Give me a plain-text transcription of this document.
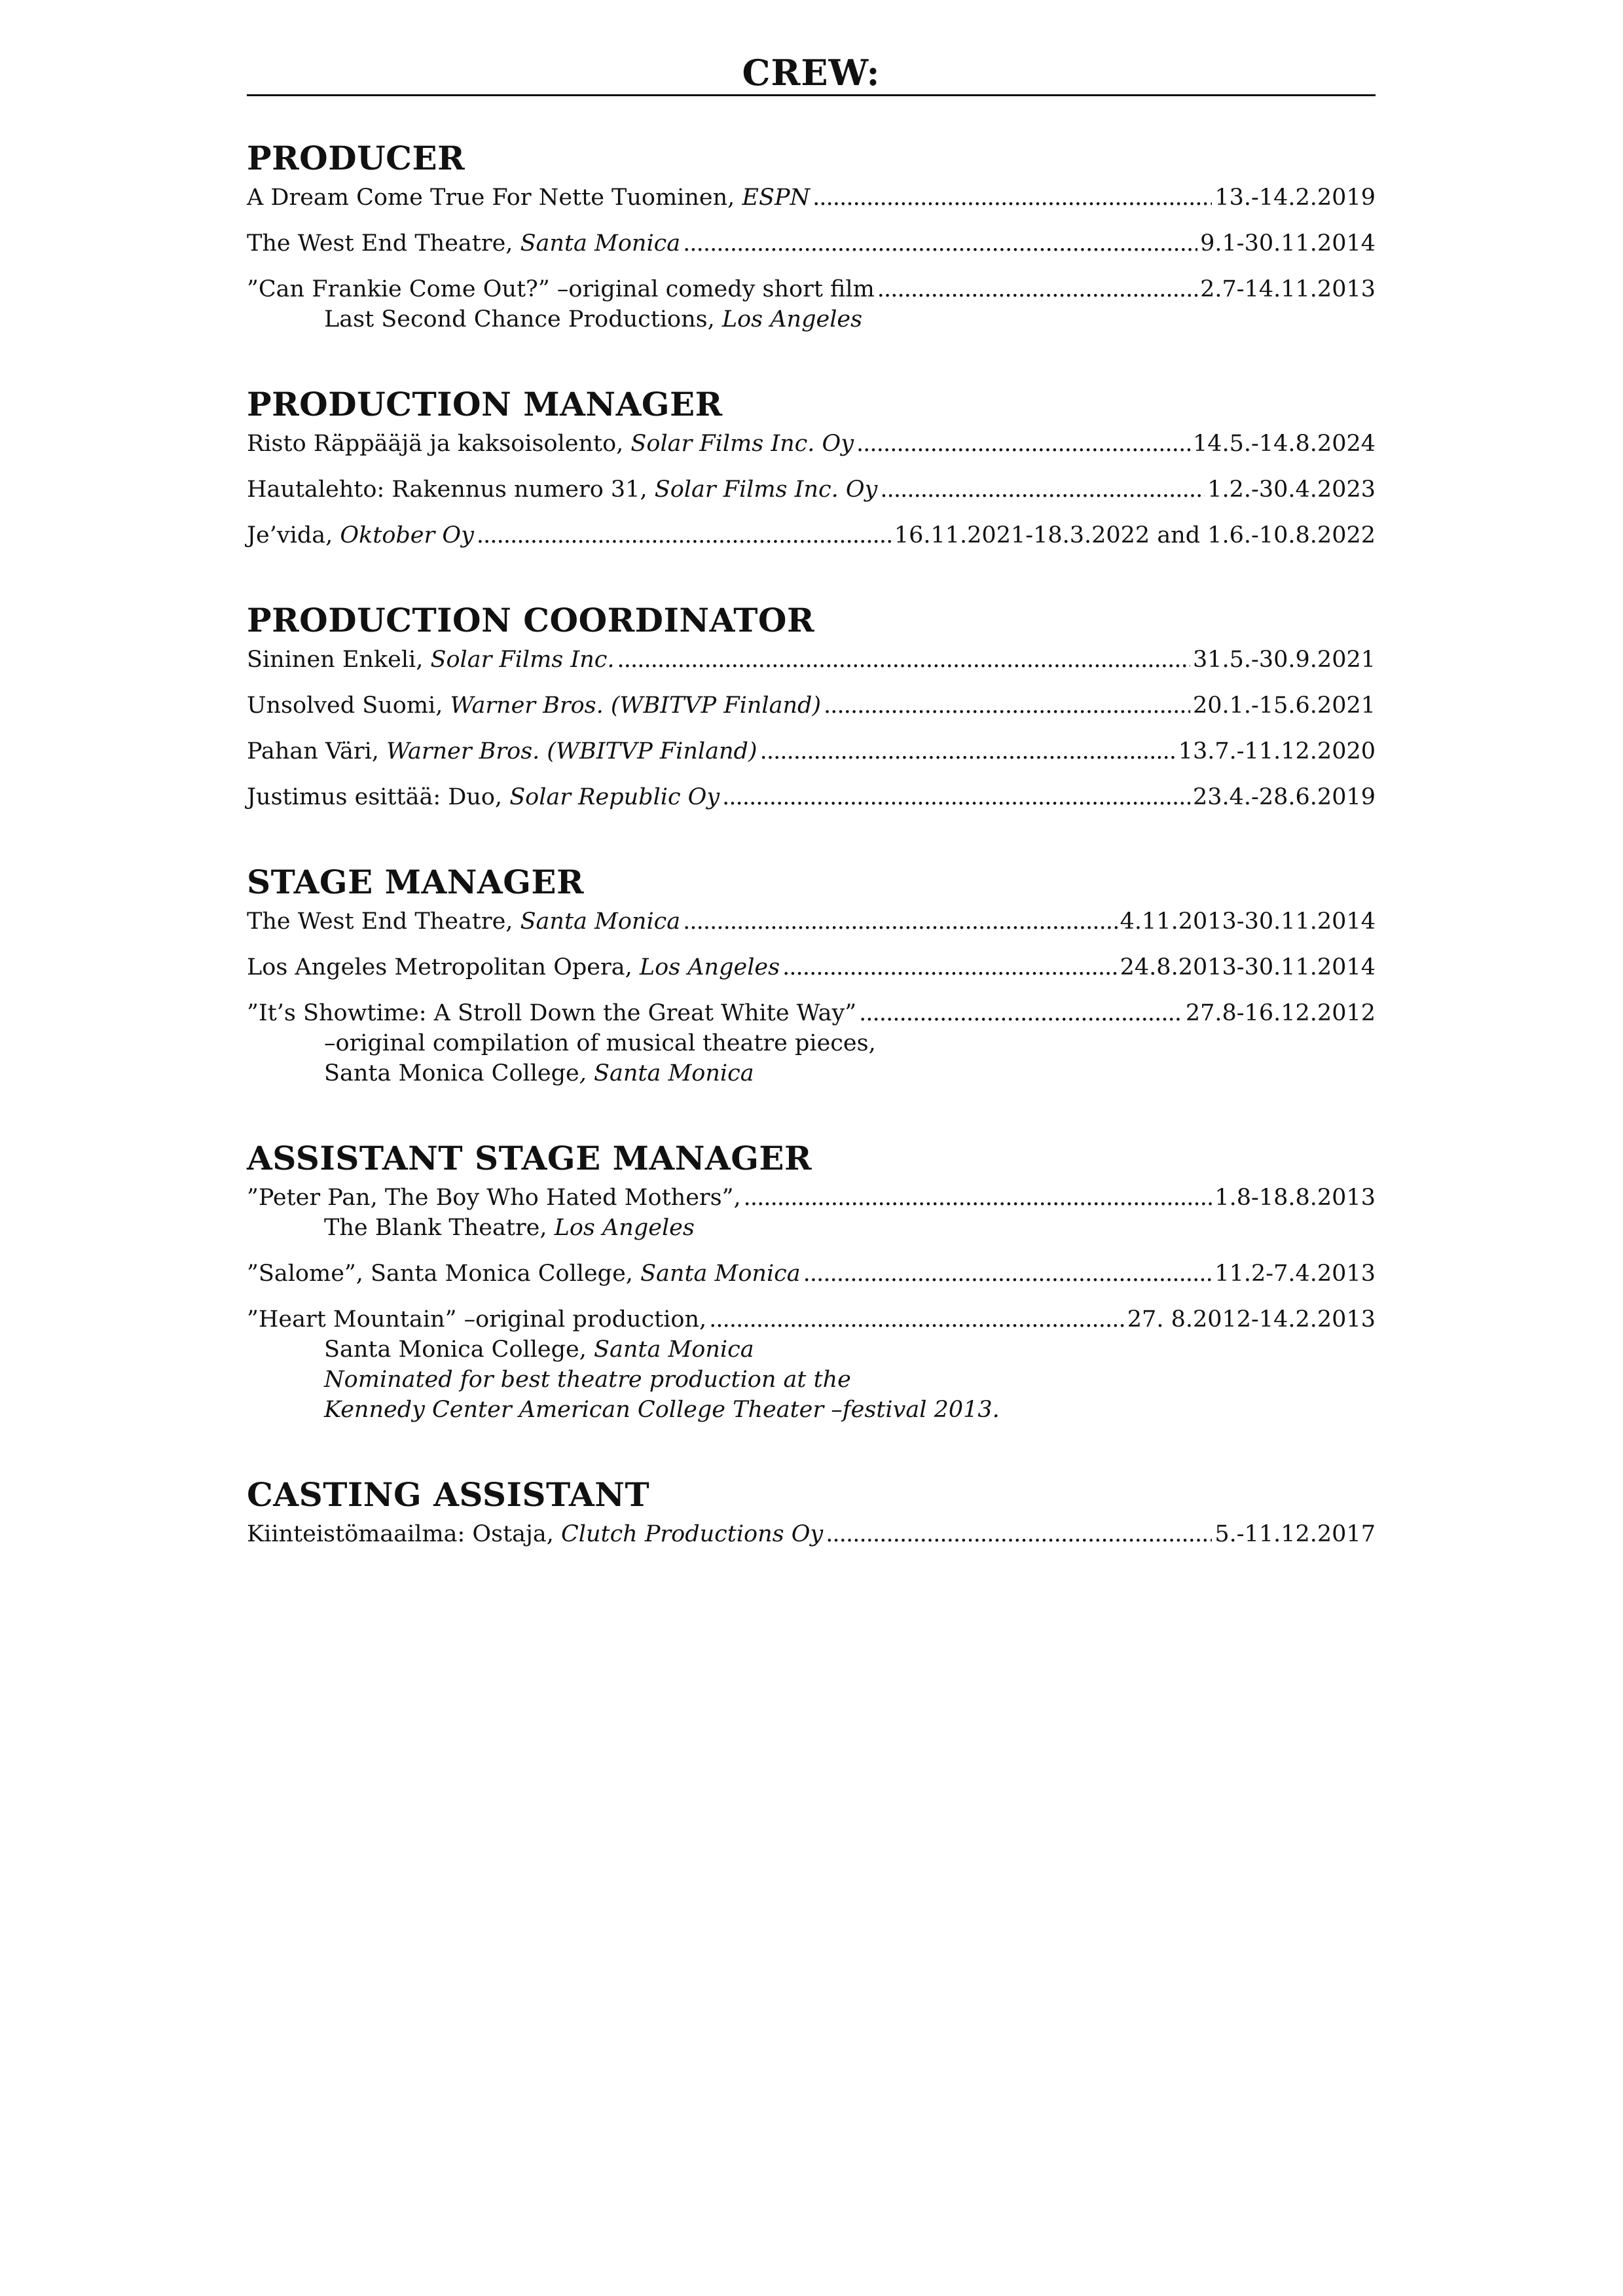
CREW:
PRODUCER
A Dream Come True For Nette Tuominen, ESPN . . .	13.-14.2.2019
The West End Theatre, Santa Monica . . .	9.1-30.11.2014
”Can Frankie Come Out?” –original comedy short film . . .	2.7-14.11.2013
Last Second Chance Productions, Los Angeles
PRODUCTION MANAGER
Risto Räppääjä ja kaksoisolento, Solar Films Inc. Oy . . .	14.5.-14.8.2024
Hautalehto: Rakennus numero 31, Solar Films Inc. Oy . . .	1.2.-30.4.2023
Je’vida, Oktober Oy . . .	16.11.2021-18.3.2022 and 1.6.-10.8.2022
PRODUCTION COORDINATOR
Sininen Enkeli, Solar Films Inc. . . .	31.5.-30.9.2021
Unsolved Suomi, Warner Bros. (WBITVP Finland) . . .	20.1.-15.6.2021
Pahan Väri, Warner Bros. (WBITVP Finland) . . .	13.7.-11.12.2020
Justimus esittää: Duo, Solar Republic Oy . . .	23.4.-28.6.2019
STAGE MANAGER
The West End Theatre, Santa Monica . . .	4.11.2013-30.11.2014
Los Angeles Metropolitan Opera, Los Angeles . . .	24.8.2013-30.11.2014
”It’s Showtime: A Stroll Down the Great White Way” . . .	27.8-16.12.2012
–original compilation of musical theatre pieces,
Santa Monica College, Santa Monica
ASSISTANT STAGE MANAGER
”Peter Pan, The Boy Who Hated Mothers”, . . .	1.8-18.8.2013
The Blank Theatre, Los Angeles
”Salome”, Santa Monica College, Santa Monica . . .	11.2-7.4.2013
”Heart Mountain” –original production, . . .	27. 8.2012-14.2.2013
Santa Monica College, Santa Monica
Nominated for best theatre production at the
Kennedy Center American College Theater –festival 2013.
CASTING ASSISTANT
Kiinteistömaailma: Ostaja, Clutch Productions Oy . . .	5.-11.12.2017
